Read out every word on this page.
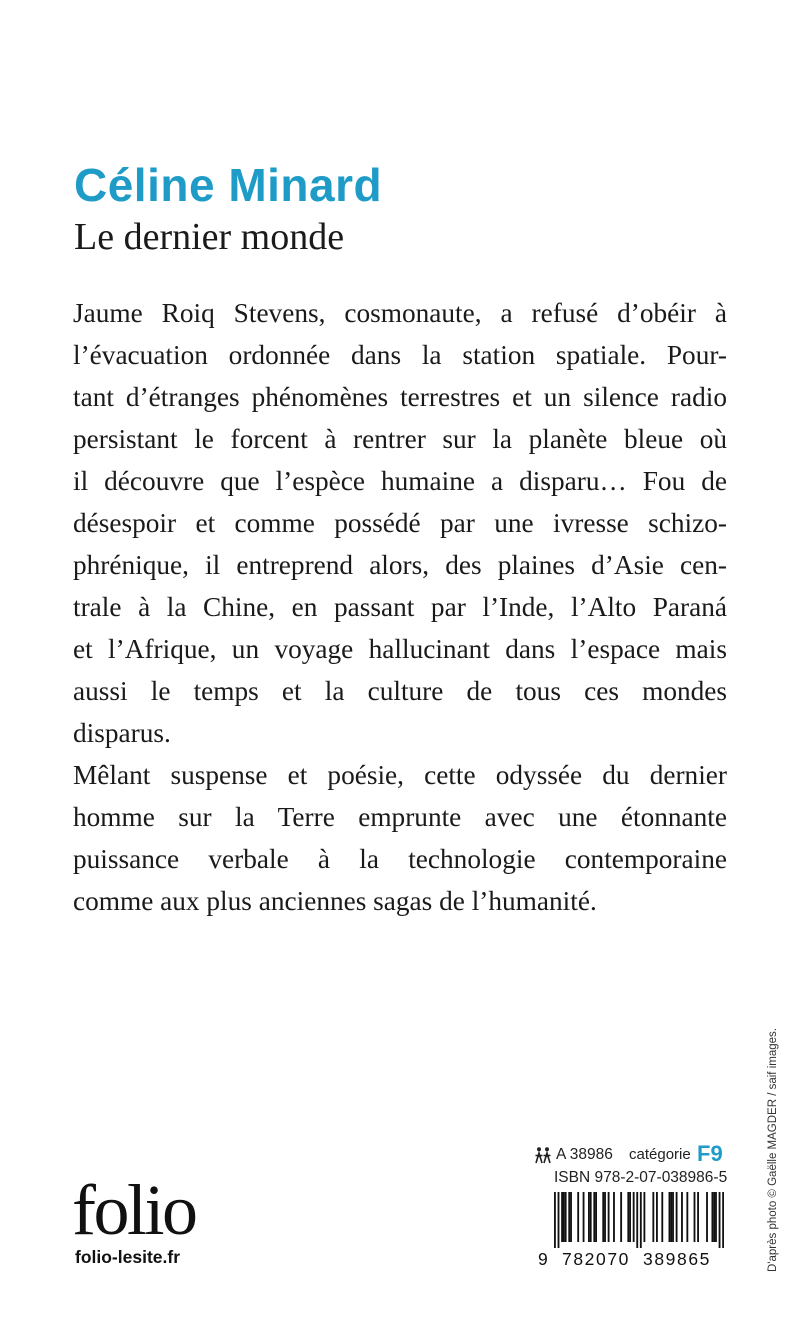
Céline Minard
Le dernier monde

Jaume Roiq Stevens, cosmonaute, a refusé d’obéir à
l’évacuation ordonnée dans la station spatiale. Pour-
tant d’étranges phénomènes terrestres et un silence radio
persistant le forcent à rentrer sur la planète bleue où
il découvre que l’espèce humaine a disparu… Fou de
désespoir et comme possédé par une ivresse schizo-
phrénique, il entreprend alors, des plaines d’Asie cen-
trale à la Chine, en passant par l’Inde, l’Alto Paraná
et l’Afrique, un voyage hallucinant dans l’espace mais
aussi le temps et la culture de tous ces mondes
disparus.

Mêlant suspense et poésie, cette odyssée du dernier
homme sur la Terre emprunte avec une étonnante
puissance verbale à la technologie contemporaine
comme aux plus anciennes sagas de l’humanité.

D'après photo © Gaëlle MAGDER / saif images.
A 38986 catégorie F9
ISBN 978-2-07-038986-5
9 782070 389865
folio
folio-lesite.fr
